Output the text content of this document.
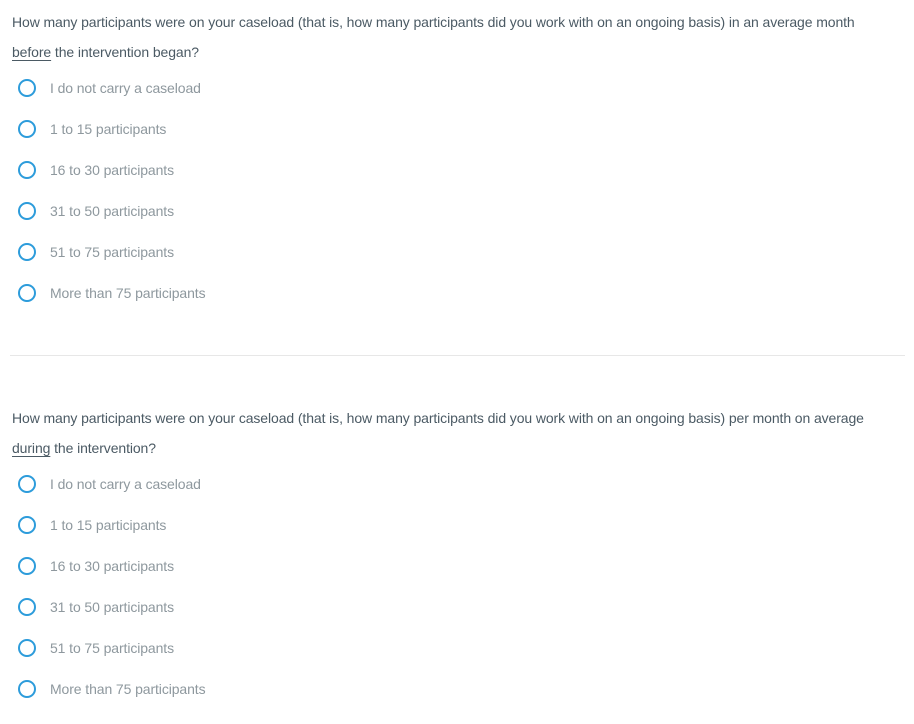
How many participants were on your caseload (that is, how many participants did you work with on an ongoing basis) in an average month before the intervention began?
I do not carry a caseload
1 to 15 participants
16 to 30 participants
31 to 50 participants
51 to 75 participants
More than 75 participants
How many participants were on your caseload (that is, how many participants did you work with on an ongoing basis) per month on average during the intervention?
I do not carry a caseload
1 to 15 participants
16 to 30 participants
31 to 50 participants
51 to 75 participants
More than 75 participants
